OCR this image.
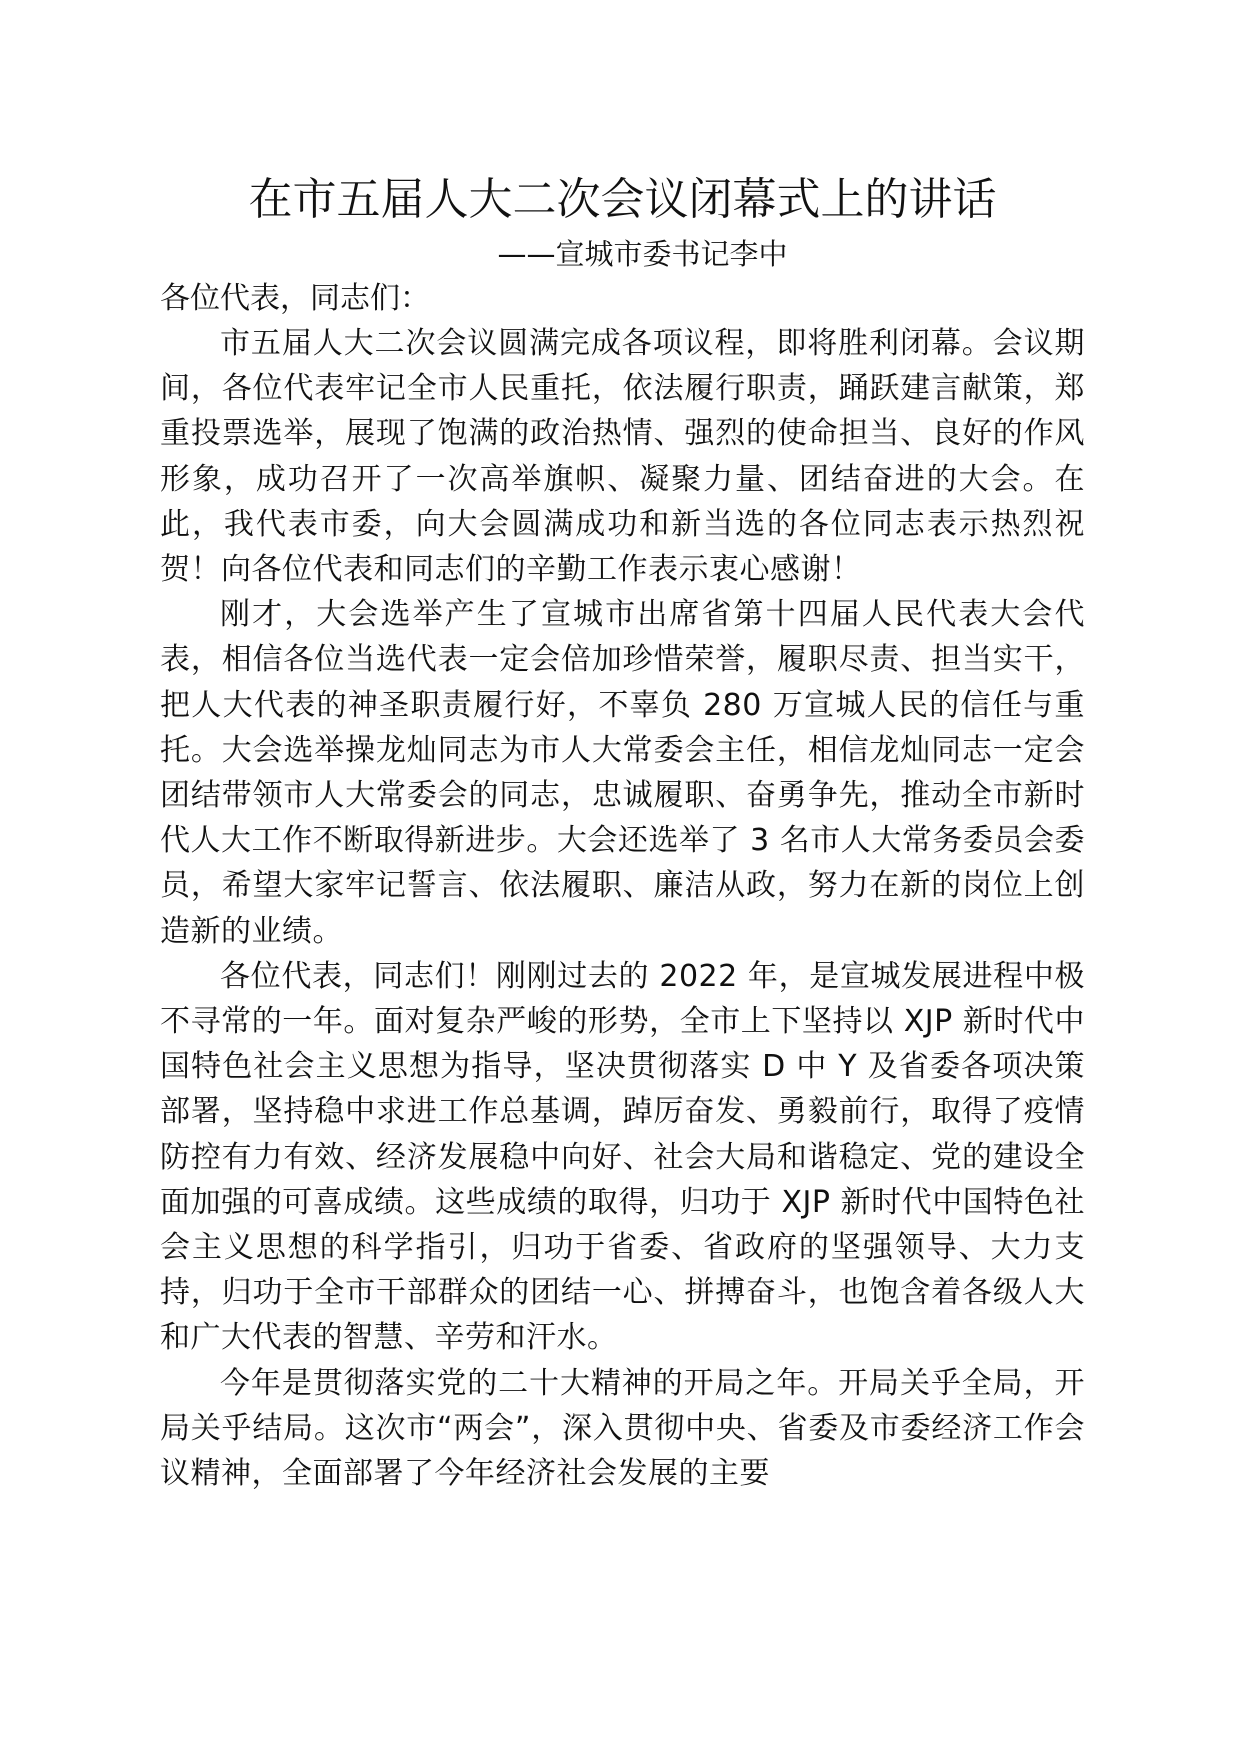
在市五届人大二次会议闭幕式上的讲话

——宣城市委书记李中

各位代表，同志们：

市五届人大二次会议圆满完成各项议程，即将胜利闭幕。会议期间，各位代表牢记全市人民重托，依法履行职责，踊跃建言献策，郑重投票选举，展现了饱满的政治热情、强烈的使命担当、良好的作风形象，成功召开了一次高举旗帜、凝聚力量、团结奋进的大会。在此，我代表市委，向大会圆满成功和新当选的各位同志表示热烈祝贺！向各位代表和同志们的辛勤工作表示衷心感谢！

刚才，大会选举产生了宣城市出席省第十四届人民代表大会代表，相信各位当选代表一定会倍加珍惜荣誉，履职尽责、担当实干，把人大代表的神圣职责履行好，不辜负 280 万宣城人民的信任与重托。大会选举操龙灿同志为市人大常委会主任，相信龙灿同志一定会团结带领市人大常委会的同志，忠诚履职、奋勇争先，推动全市新时代人大工作不断取得新进步。大会还选举了 3 名市人大常务委员会委员，希望大家牢记誓言、依法履职、廉洁从政，努力在新的岗位上创造新的业绩。

各位代表，同志们！刚刚过去的 2022 年，是宣城发展进程中极不寻常的一年。面对复杂严峻的形势，全市上下坚持以 XJP 新时代中国特色社会主义思想为指导，坚决贯彻落实 D 中 Y 及省委各项决策部署，坚持稳中求进工作总基调，踔厉奋发、勇毅前行，取得了疫情防控有力有效、经济发展稳中向好、社会大局和谐稳定、党的建设全面加强的可喜成绩。这些成绩的取得，归功于 XJP 新时代中国特色社会主义思想的科学指引，归功于省委、省政府的坚强领导、大力支持，归功于全市干部群众的团结一心、拼搏奋斗，也饱含着各级人大和广大代表的智慧、辛劳和汗水。

今年是贯彻落实党的二十大精神的开局之年。开局关乎全局，开局关乎结局。这次市“两会”，深入贯彻中央、省委及市委经济工作会议精神，全面部署了今年经济社会发展的主要
